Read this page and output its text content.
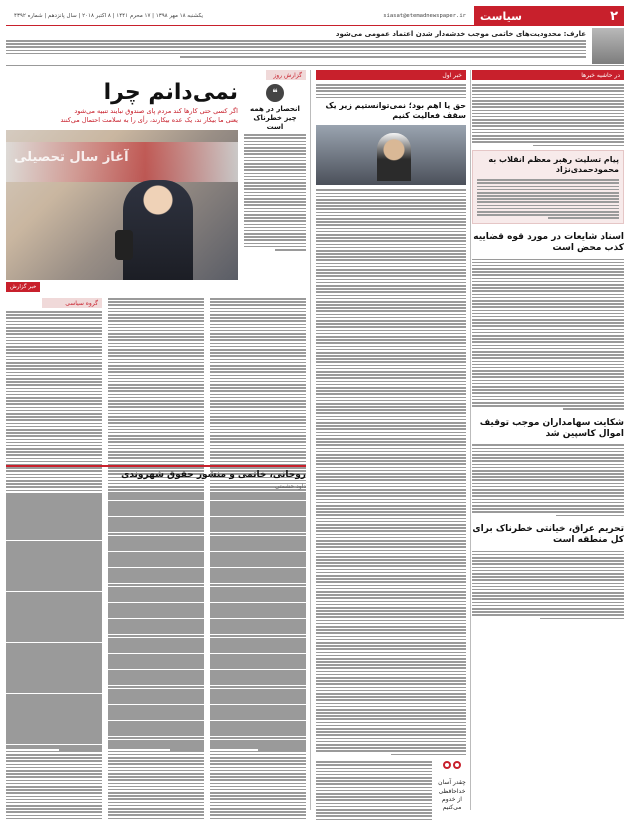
۲
سیاست
siasat@etemadnewspaper.ir
یکشنبه ۱۸ مهر ۱۳۹۸ | ۱۷ محرم ۱۴۴۱ | ۸ اکتبر ۲۰۱۸ | سال پانزدهم | شماره ۴۳۹۲
عارف: محدودیت‌های خاتمی موجب خدشه‌دار شدن اعتماد عمومی می‌شود
در حاشیه خبرها
پیام تسلیت رهبر معظم انقلاب به محمودحمدی‌نژاد
اسناد شایعات در مورد قوه قضاییه کذب محض است
شکایت سهامداران موجب توقیف اموال کاسپین شد
تحریم عراق، خیانتی خطرناک برای کل منطقه است
خبر اول
حق یا اهم بود؛ نمی‌توانستیم زیر یک سقف فعالیت کنیم
چقدر آسان خداحافظی از خدوم می‌کنیم
گزارش روز
❝
انحصار در همه چیز خطرناک است
نمی‌دانم چرا
اگر کسی حتی کارها کند مردم پای صندوق نبایند تنبیه می‌شود
یعنی ما بیکار ند، یک عده بیکارند، رأی را به سلامت احتمال می‌کنند
آغاز سال تحصیلی
خبر گزارش
گروه سیاسی
روحانی، خاتمی و منشور حقوق شهروندی
داود حشمتی
